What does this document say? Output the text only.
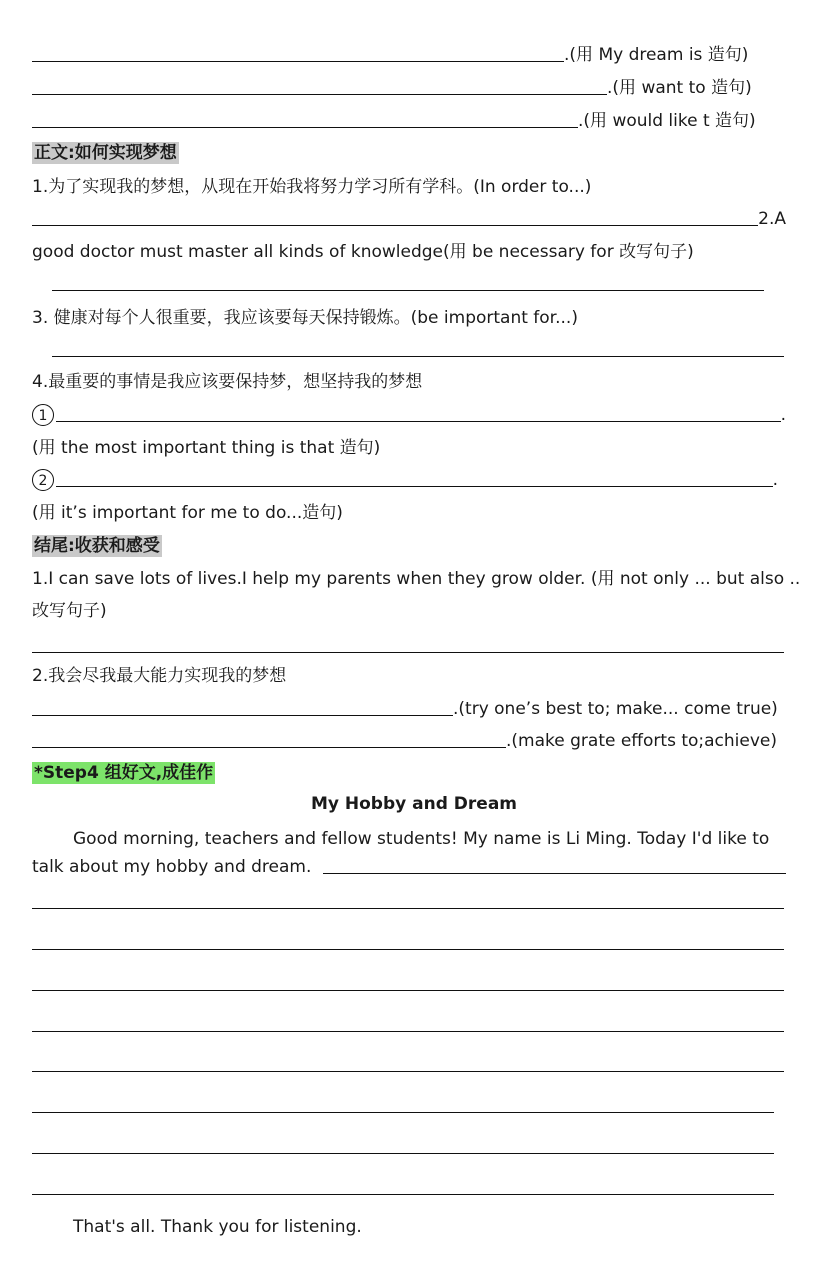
.(用 My dream is 造句)
.(用 want to 造句)
.(用 would like t 造句)
正文:如何实现梦想
1.为了实现我的梦想，从现在开始我将努力学习所有学科。(In order to...)
2.A
good doctor must master all kinds of knowledge(用 be necessary for 改写句子)
3. 健康对每个人很重要，我应该要每天保持锻炼。(be important for...)
4.最重要的事情是我应该要保持梦，想坚持我的梦想
1	.
(用 the most important thing is that 造句)
2	.
(用 it’s important for me to do...造句)
结尾:收获和感受
1.I can save lots of lives.I help my parents when they grow older. (用 not only ... but also ..
改写句子)
2.我会尽我最大能力实现我的梦想
.(try one’s best to; make... come true)
.(make grate efforts to;achieve)
*Step4 组好文,成佳作
My Hobby and Dream
Good morning, teachers and fellow students! My name is Li Ming. Today I'd like to
talk about my hobby and dream.
That's all. Thank you for listening.
